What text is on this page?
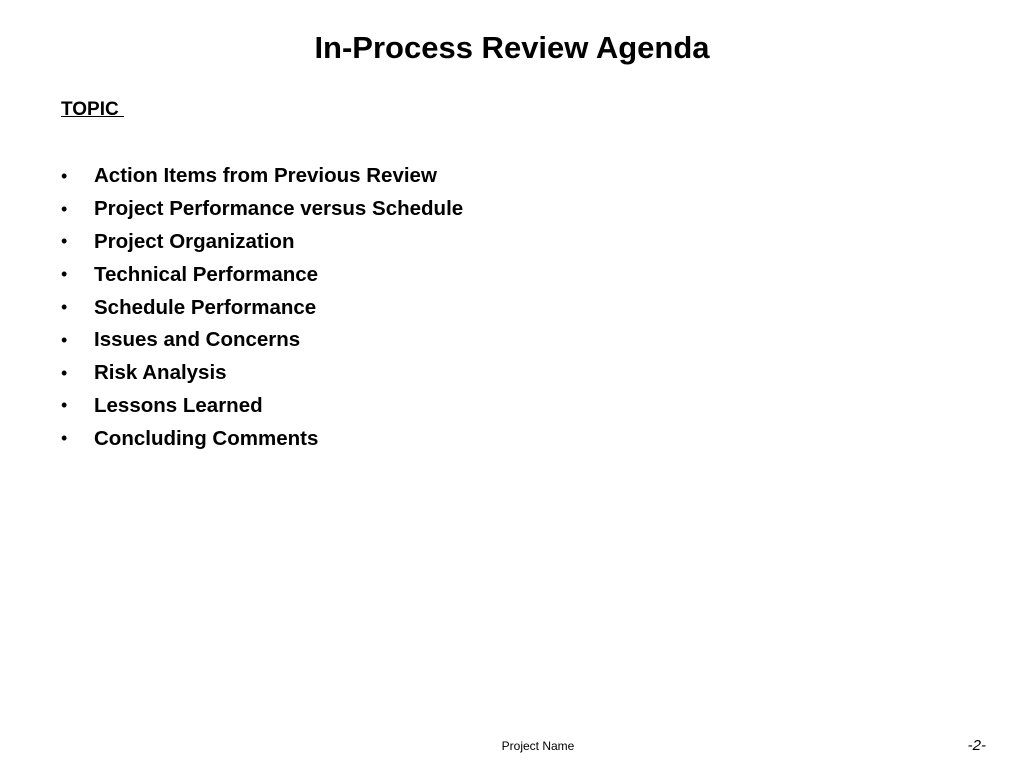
In-Process Review Agenda
TOPIC
•	Action Items from Previous Review
•	Project Performance versus Schedule
•	Project Organization
•	Technical Performance
•	Schedule Performance
•	Issues and Concerns
•	Risk Analysis
•	Lessons Learned
•	Concluding Comments
Project Name	-2-
